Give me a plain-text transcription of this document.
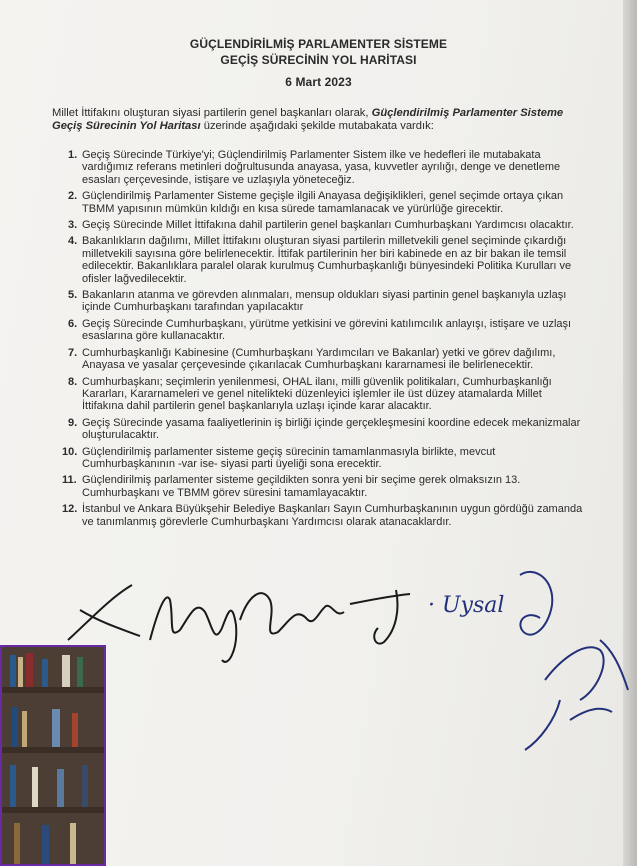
GÜÇLENDİRİLMİŞ PARLAMENTER SİSTEME
GEÇİŞ SÜRECİNİN YOL HARİTASI
6 Mart 2023
Millet İttifakını oluşturan siyasi partilerin genel başkanları olarak, Güçlendirilmiş Parlamenter Sisteme Geçiş Sürecinin Yol Haritası üzerinde aşağıdaki şekilde mutabakata vardık:
1. Geçiş Sürecinde Türkiye'yi; Güçlendirilmiş Parlamenter Sistem ilke ve hedefleri ile mutabakata vardığımız referans metinleri doğrultusunda anayasa, yasa, kuvvetler ayrılığı, denge ve denetleme esasları çerçevesinde, istişare ve uzlaşıyla yöneteceğiz.
2. Güçlendirilmiş Parlamenter Sisteme geçişle ilgili Anayasa değişiklikleri, genel seçimde ortaya çıkan TBMM yapısının mümkün kıldığı en kısa sürede tamamlanacak ve yürürlüğe girecektir.
3. Geçiş Sürecinde Millet İttifakına dahil partilerin genel başkanları Cumhurbaşkanı Yardımcısı olacaktır.
4. Bakanlıkların dağılımı, Millet İttifakını oluşturan siyasi partilerin milletvekili genel seçiminde çıkardığı milletvekili sayısına göre belirlenecektir. İttifak partilerinin her biri kabinede en az bir bakan ile temsil edilecektir. Bakanlıklara paralel olarak kurulmuş Cumhurbaşkanlığı bünyesindeki Politika Kurulları ve ofisler lağvedilecektir.
5. Bakanların atanma ve görevden alınmaları, mensup oldukları siyasi partinin genel başkanıyla uzlaşı içinde Cumhurbaşkanı tarafından yapılacaktır
6. Geçiş Sürecinde Cumhurbaşkanı, yürütme yetkisini ve görevini katılımcılık anlayışı, istişare ve uzlaşı esaslarına göre kullanacaktır.
7. Cumhurbaşkanlığı Kabinesine (Cumhurbaşkanı Yardımcıları ve Bakanlar) yetki ve görev dağılımı, Anayasa ve yasalar çerçevesinde çıkarılacak Cumhurbaşkanı kararnamesi ile belirlenecektir.
8. Cumhurbaşkanı; seçimlerin yenilenmesi, OHAL ilanı, milli güvenlik politikaları, Cumhurbaşkanlığı Kararları, Kararnameleri ve genel nitelikteki düzenleyici işlemler ile üst düzey atamalarda Millet İttifakına dahil partilerin genel başkanlarıyla uzlaşı içinde karar alacaktır.
9. Geçiş Sürecinde yasama faaliyetlerinin iş birliği içinde gerçekleşmesini koordine edecek mekanizmalar oluşturulacaktır.
10. Güçlendirilmiş parlamenter sisteme geçiş sürecinin tamamlanmasıyla birlikte, mevcut Cumhurbaşkanının -var ise- siyasi parti üyeliği sona erecektir.
11. Güçlendirilmiş parlamenter sisteme geçildikten sonra yeni bir seçime gerek olmaksızın 13. Cumhurbaşkanı ve TBMM görev süresini tamamlayacaktır.
12. İstanbul ve Ankara Büyükşehir Belediye Başkanları Sayın Cumhurbaşkanının uygun gördüğü zamanda ve tanımlanmış görevlerle Cumhurbaşkanı Yardımcısı olarak atanacaklardır.
· Uysal
